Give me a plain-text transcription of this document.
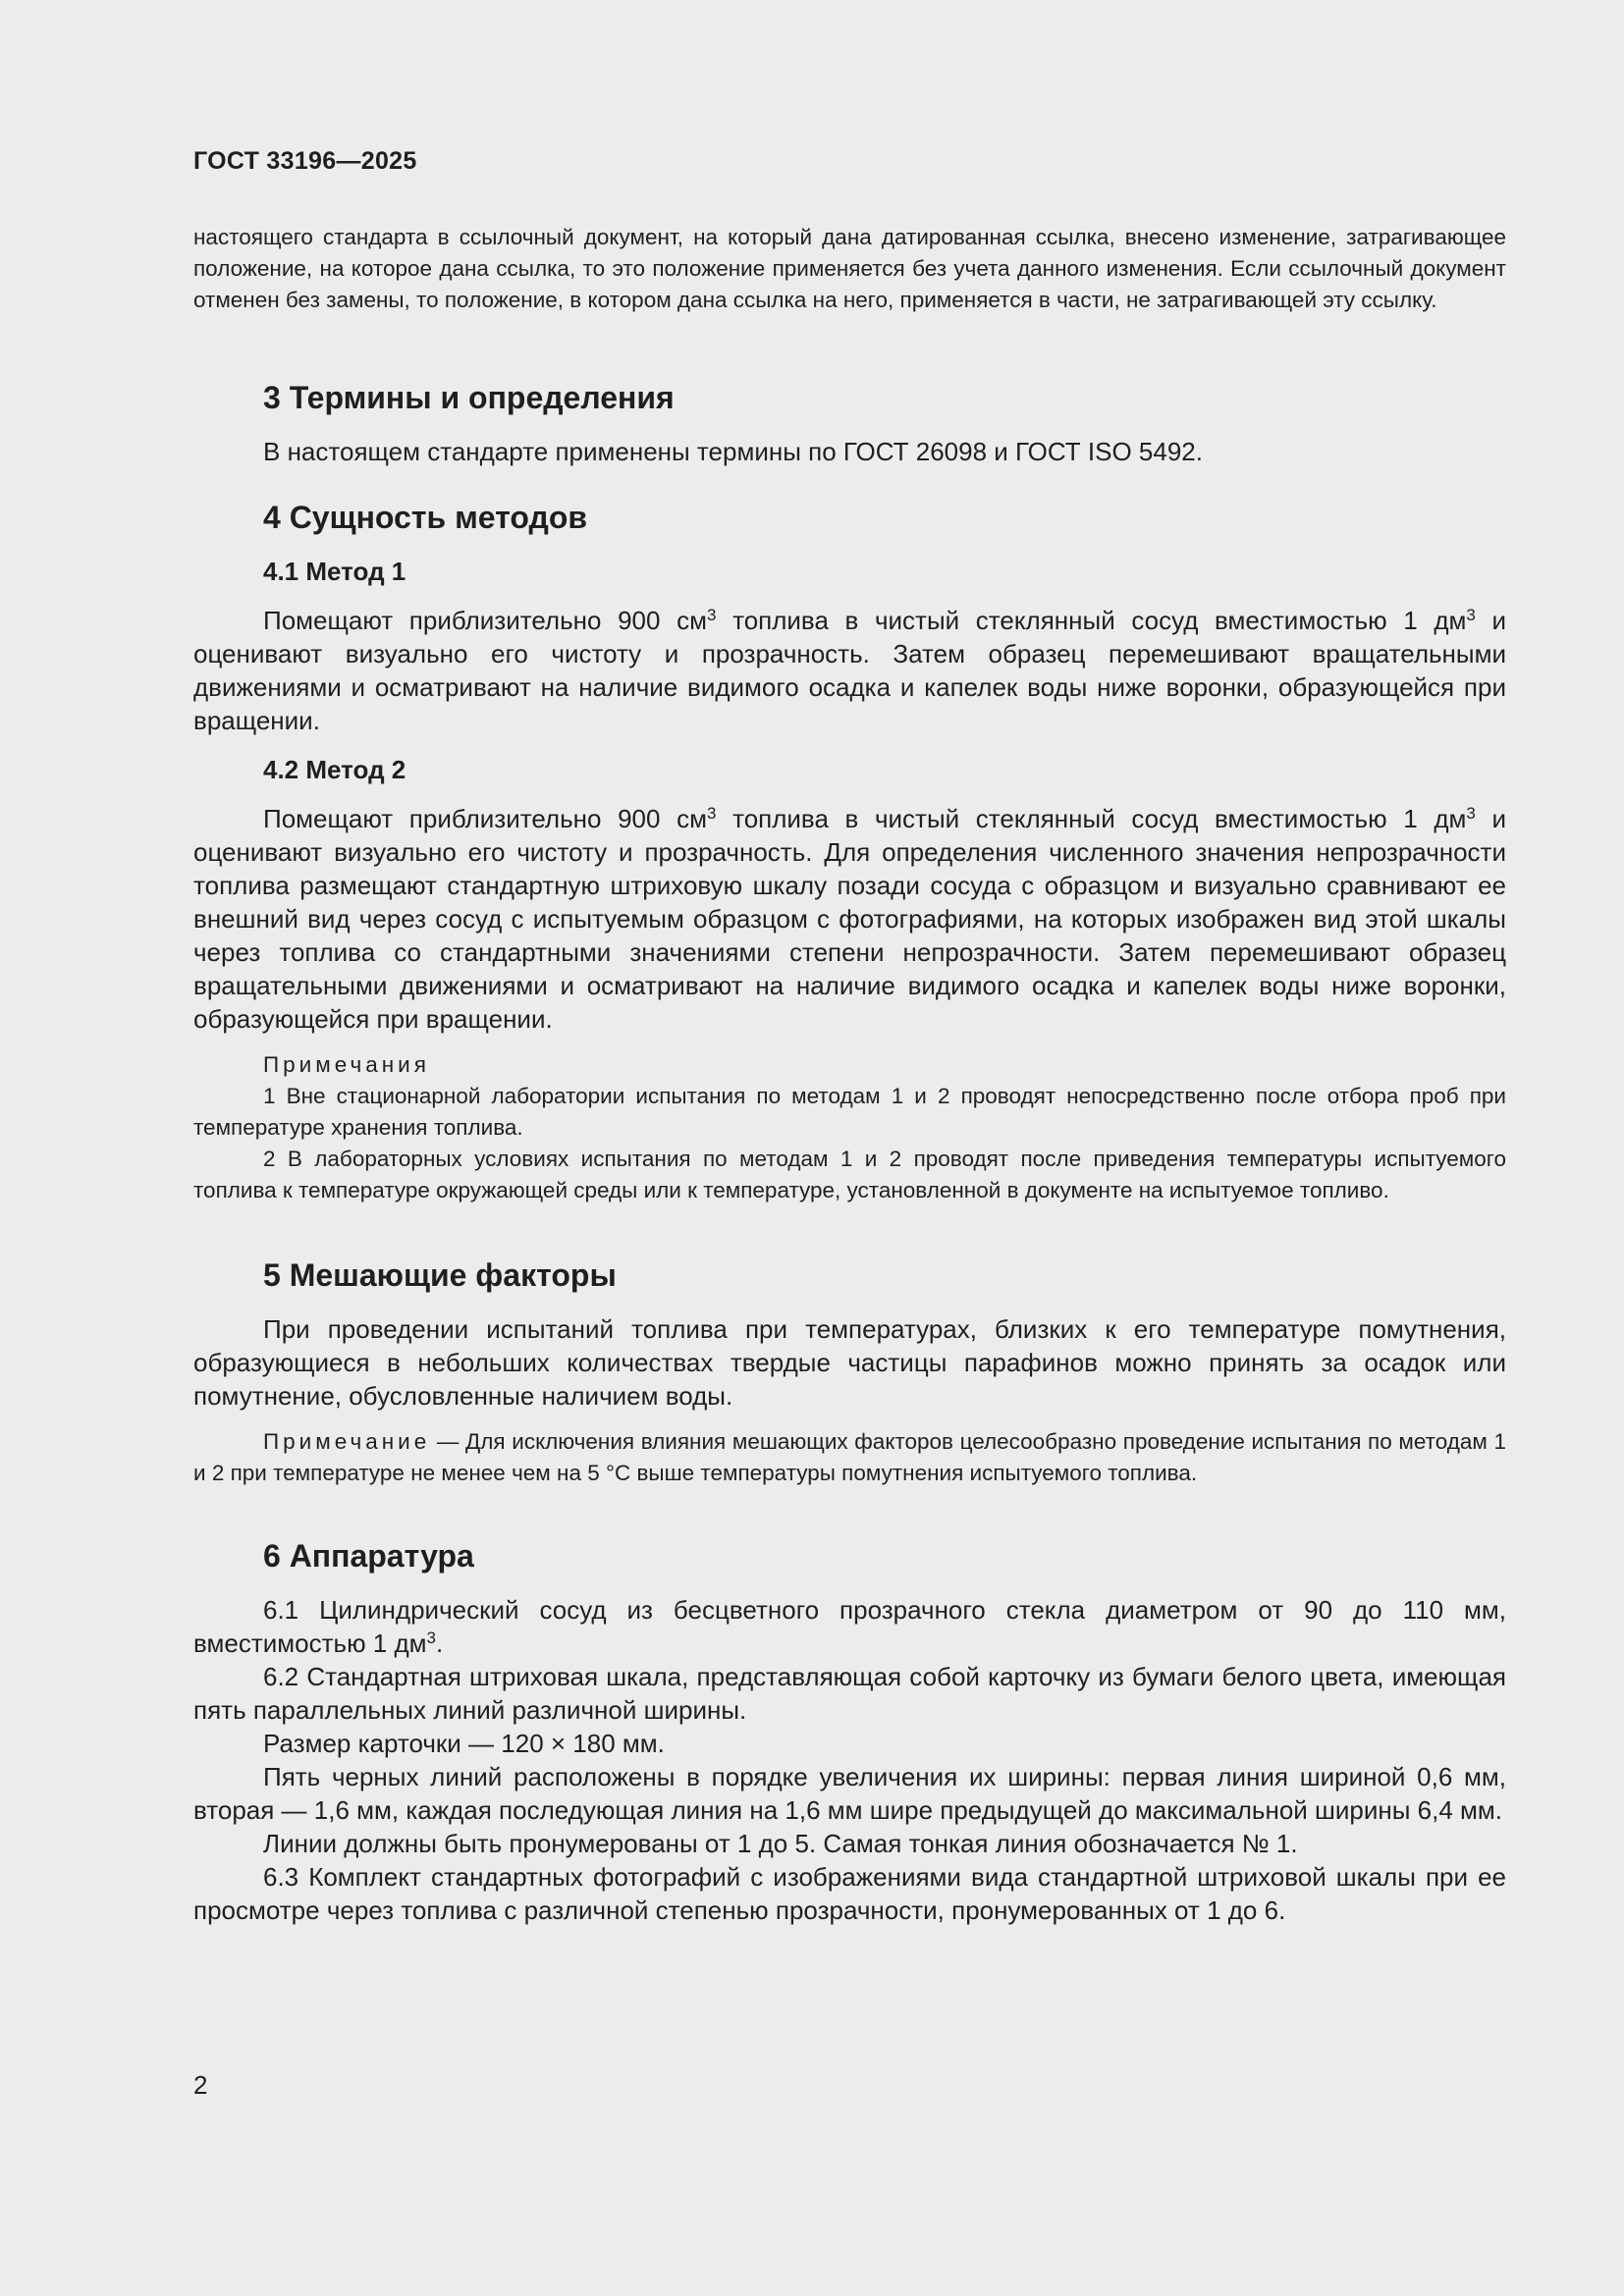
ГОСТ 33196—2025

настоящего стандарта в ссылочный документ, на который дана датированная ссылка, внесено изменение, затрагивающее положение, на которое дана ссылка, то это положение применяется без учета данного изменения. Если ссылочный документ отменен без замены, то положение, в котором дана ссылка на него, применяется в части, не затрагивающей эту ссылку.

3 Термины и определения

В настоящем стандарте применены термины по ГОСТ 26098 и ГОСТ ISO 5492.

4 Сущность методов
4.1 Метод 1

Помещают приблизительно 900 $см^3$ топлива в чистый стеклянный сосуд вместимостью 1 $дм^3$ и оценивают визуально его чистоту и прозрачность. Затем образец перемешивают вращательными движениями и осматривают на наличие видимого осадка и капелек воды ниже воронки, образующейся при вращении.

4.2 Метод 2

Помещают приблизительно 900 $см^3$ топлива в чистый стеклянный сосуд вместимостью 1 $дм^3$ и оценивают визуально его чистоту и прозрачность. Для определения численного значения непрозрачности топлива размещают стандартную штриховую шкалу позади сосуда с образцом и визуально сравнивают ее внешний вид через сосуд с испытуемым образцом с фотографиями, на которых изображен вид этой шкалы через топлива со стандартными значениями степени непрозрачности. Затем перемешивают образец вращательными движениями и осматривают на наличие видимого осадка и капелек воды ниже воронки, образующейся при вращении.

Примечания

1 Вне стационарной лаборатории испытания по методам 1 и 2 проводят непосредственно после отбора проб при температуре хранения топлива.

2 В лабораторных условиях испытания по методам 1 и 2 проводят после приведения температуры испытуемого топлива к температуре окружающей среды или к температуре, установленной в документе на испытуемое топливо.

5 Мешающие факторы

При проведении испытаний топлива при температурах, близких к его температуре помутнения, образующиеся в небольших количествах твердые частицы парафинов можно принять за осадок или помутнение, обусловленные наличием воды.

Примечание — Для исключения влияния мешающих факторов целесообразно проведение испытания по методам 1 и 2 при температуре не менее чем на 5 °С выше температуры помутнения испытуемого топлива.

6 Аппаратура

6.1 Цилиндрический сосуд из бесцветного прозрачного стекла диаметром от 90 до 110 мм, вместимостью 1 $дм^3$.

6.2 Стандартная штриховая шкала, представляющая собой карточку из бумаги белого цвета, имеющая пять параллельных линий различной ширины.

Размер карточки — 120 × 180 мм.

Пять черных линий расположены в порядке увеличения их ширины: первая линия шириной 0,6 мм, вторая — 1,6 мм, каждая последующая линия на 1,6 мм шире предыдущей до максимальной ширины 6,4 мм.

Линии должны быть пронумерованы от 1 до 5. Самая тонкая линия обозначается № 1.

6.3 Комплект стандартных фотографий с изображениями вида стандартной штриховой шкалы при ее просмотре через топлива с различной степенью прозрачности, пронумерованных от 1 до 6.

2
